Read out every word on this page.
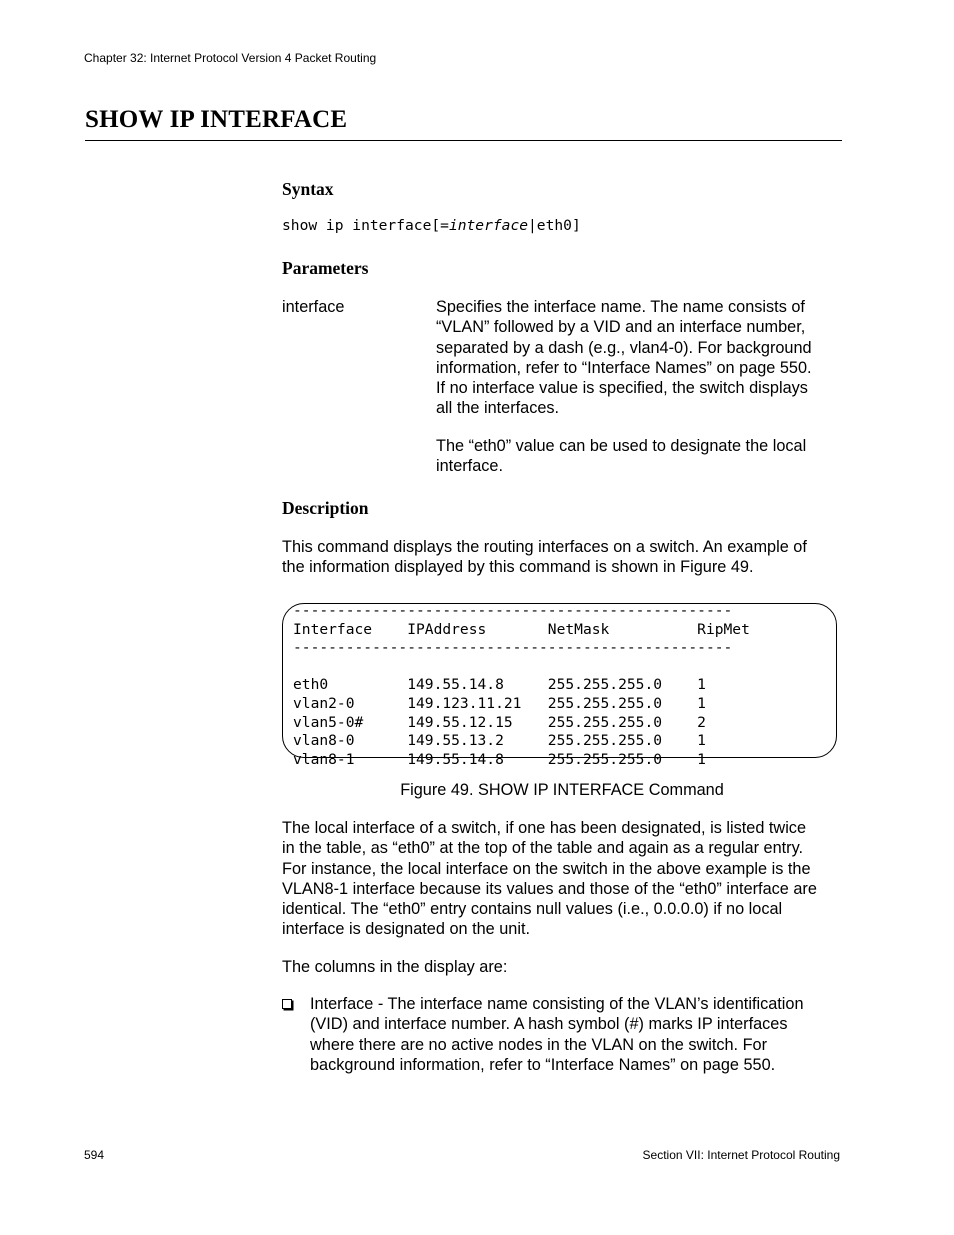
Chapter 32: Internet Protocol Version 4 Packet Routing
SHOW IP INTERFACE
Syntax
show ip interface[=interface|eth0]
Parameters
interface	Specifies the interface name. The name consists of
“VLAN” followed by a VID and an interface number,
separated by a dash (e.g., vlan4-0). For background
information, refer to “Interface Names” on page 550.
If no interface value is specified, the switch displays
all the interfaces.
The “eth0” value can be used to designate the local
interface.
Description
This command displays the routing interfaces on a switch. An example of
the information displayed by this command is shown in Figure 49.
--------------------------------------------------
Interface    IPAddress       NetMask          RipMet
--------------------------------------------------

eth0         149.55.14.8     255.255.255.0    1
vlan2-0      149.123.11.21   255.255.255.0    1
vlan5-0#     149.55.12.15    255.255.255.0    2
vlan8-0      149.55.13.2     255.255.255.0    1
vlan8-1      149.55.14.8     255.255.255.0    1
Figure 49. SHOW IP INTERFACE Command
The local interface of a switch, if one has been designated, is listed twice
in the table, as “eth0” at the top of the table and again as a regular entry.
For instance, the local interface on the switch in the above example is the
VLAN8-1 interface because its values and those of the “eth0” interface are
identical. The “eth0” entry contains null values (i.e., 0.0.0.0) if no local
interface is designated on the unit.
The columns in the display are:
Interface - The interface name consisting of the VLAN’s identification
(VID) and interface number. A hash symbol (#) marks IP interfaces
where there are no active nodes in the VLAN on the switch. For
background information, refer to “Interface Names” on page 550.
594	Section VII: Internet Protocol Routing
